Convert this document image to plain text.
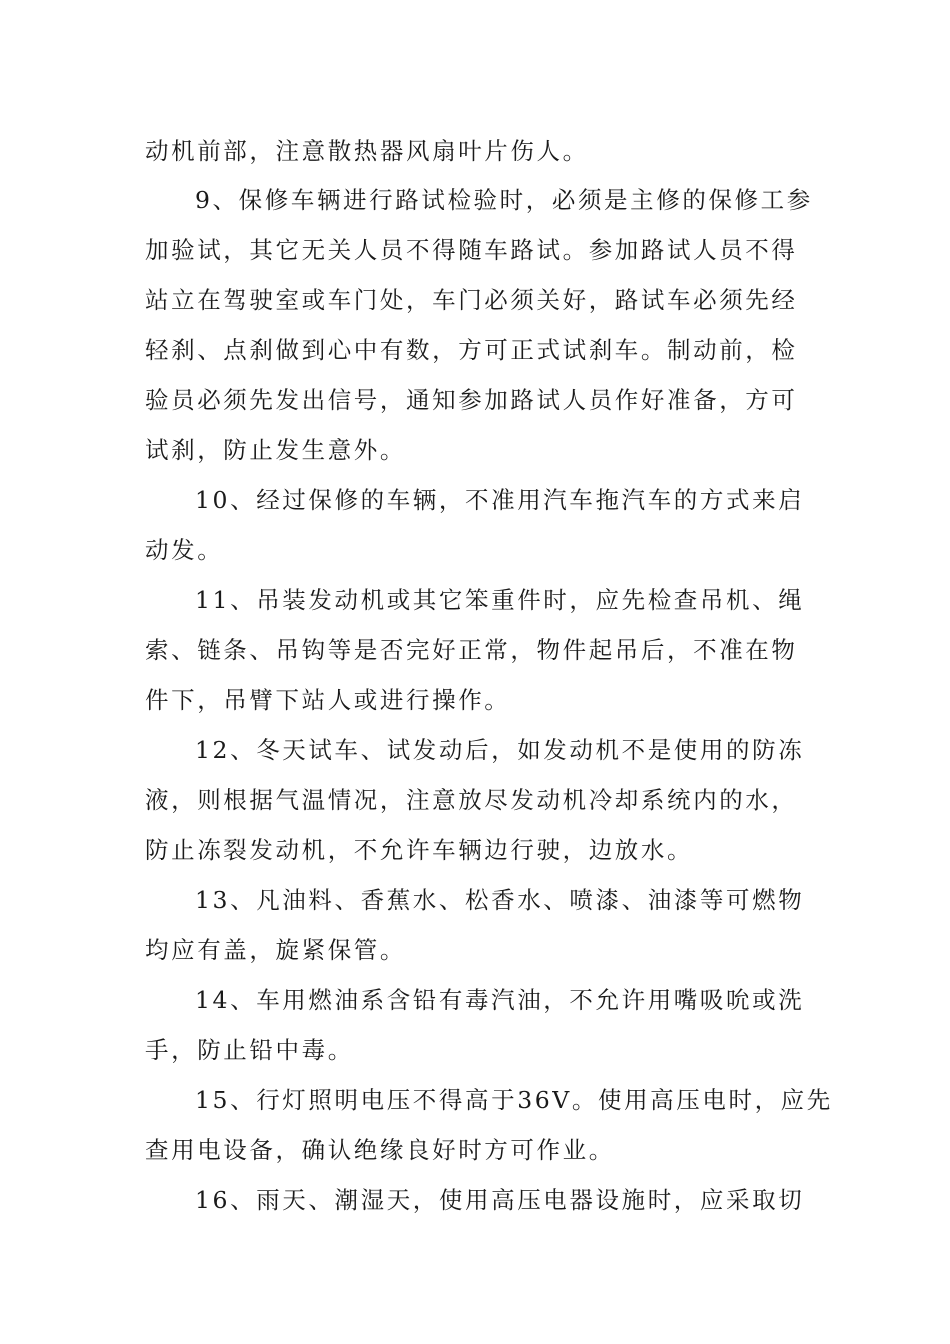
动机前部，注意散热器风扇叶片伤人。

9、保修车辆进行路试检验时，必须是主修的保修工参

加验试，其它无关人员不得随车路试。参加路试人员不得

站立在驾驶室或车门处，车门必须关好，路试车必须先经

轻刹、点刹做到心中有数，方可正式试刹车。制动前，检

验员必须先发出信号，通知参加路试人员作好准备，方可

试刹，防止发生意外。

10、经过保修的车辆，不准用汽车拖汽车的方式来启

动发。

11、吊装发动机或其它笨重件时，应先检查吊机、绳

索、链条、吊钩等是否完好正常，物件起吊后，不准在物

件下，吊臂下站人或进行操作。

12、冬天试车、试发动后，如发动机不是使用的防冻

液，则根据气温情况，注意放尽发动机冷却系统内的水，

防止冻裂发动机，不允许车辆边行驶，边放水。

13、凡油料、香蕉水、松香水、喷漆、油漆等可燃物

均应有盖，旋紧保管。

14、车用燃油系含铅有毒汽油，不允许用嘴吸吮或洗

手，防止铅中毒。

15、行灯照明电压不得高于36V。使用高压电时，应先

查用电设备，确认绝缘良好时方可作业。

16、雨天、潮湿天，使用高压电器设施时，应采取切
